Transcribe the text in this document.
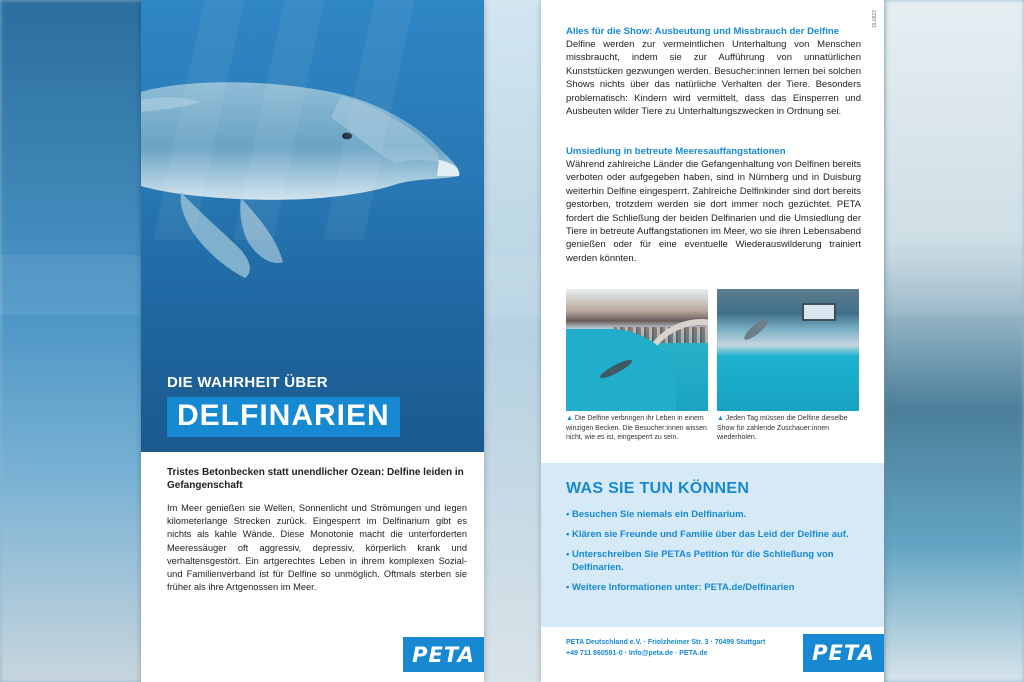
DIE WAHRHEIT ÜBER
DELFINARIEN
Tristes Betonbecken statt unendlicher Ozean: Delfine leiden in Gefangenschaft
Im Meer genießen sie Wellen, Sonnenlicht und Strömungen und legen kilometerlange Strecken zurück. Eingesperrt im Delfinarium gibt es nichts als kahle Wände. Diese Monotonie macht die unterforderten Meeressäuger oft aggressiv, depressiv, körperlich krank und verhaltensgestört. Ein artgerechtes Leben in ihrem komplexen Sozial- und Familienverband ist für Delfine so unmöglich. Oftmals sterben sie früher als ihre Artgenossen im Meer.
PETA
DL0822
Alles für die Show: Ausbeutung und Missbrauch der Delfine
Delfine werden zur vermeintlichen Unterhaltung von Menschen missbraucht, indem sie zur Aufführung von unnatürlichen Kunststücken gezwungen werden. Besucher:innen lernen bei solchen Shows nichts über das natürliche Verhalten der Tiere. Besonders problematisch: Kindern wird vermittelt, dass das Einsperren und Ausbeuten wilder Tiere zu Unterhaltungszwecken in Ordnung sei.
Umsiedlung in betreute Meeresauffangstationen
Während zahlreiche Länder die Gefangenhaltung von Delfinen bereits verboten oder aufgegeben haben, sind in Nürnberg und in Duisburg weiterhin Delfine eingesperrt. Zahlreiche Delfinkinder sind dort bereits gestorben, trotzdem werden sie dort immer noch gezüchtet. PETA fordert die Schließung der beiden Delfinarien und die Umsiedlung der Tiere in betreute Auffangstationen im Meer, wo sie ihren Lebensabend genießen oder für eine eventuelle Wiederauswilderung trainiert werden könnten.
▲ Die Delfine verbringen ihr Leben in einem winzigen Becken. Die Besucher:innen wissen nicht, wie es ist, eingesperrt zu sein.
▲ Jeden Tag müssen die Delfine dieselbe Show für zahlende Zuschauer:innen wiederholen.
WAS SIE TUN KÖNNEN
• Besuchen Sie niemals ein Delfinarium.
• Klären sie Freunde und Familie über das Leid der Delfine auf.
• Unterschreiben Sie PETAs Petition für die Schließung von Delfinarien.
• Weitere Informationen unter: PETA.de/Delfinarien
PETA Deutschland e.V. · Friolzheimer Str. 3 · 70499 Stuttgart
+49 711 860591-0 · Info@peta.de · PETA.de	PETA
